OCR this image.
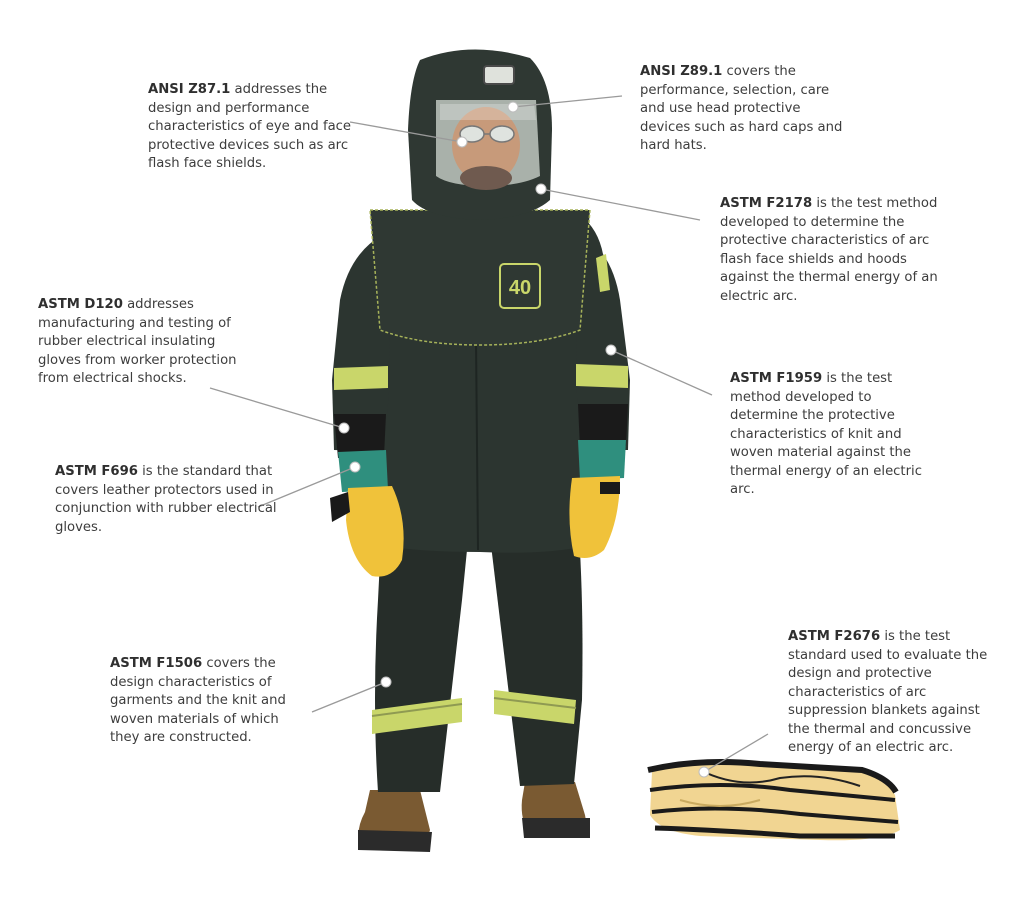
40

ANSI Z87.1 addresses the design and performance characteristics of eye and face protective devices such as arc flash face shields.

ANSI Z89.1 covers the performance, selection, care and use head protective devices such as hard caps and hard hats.

ASTM F2178 is the test method developed to determine the protective characteristics of arc flash face shields and hoods against the thermal energy of an electric arc.

ASTM D120 addresses manufacturing and testing of rubber electrical insulating gloves from worker protection from electrical shocks.	ASTM F1959 is the test method developed to determine the protective characteristics of knit and woven material against the thermal energy of an electric arc.

ASTM F696 is the standard that covers leather protectors used in conjunction with rubber electrical gloves.

ASTM F1506 covers the design characteristics of garments and the knit and woven materials of which they are constructed.

ASTM F2676 is the test standard used to evaluate the design and protective characteristics of arc suppression blankets against the thermal and concussive energy of an electric arc.
